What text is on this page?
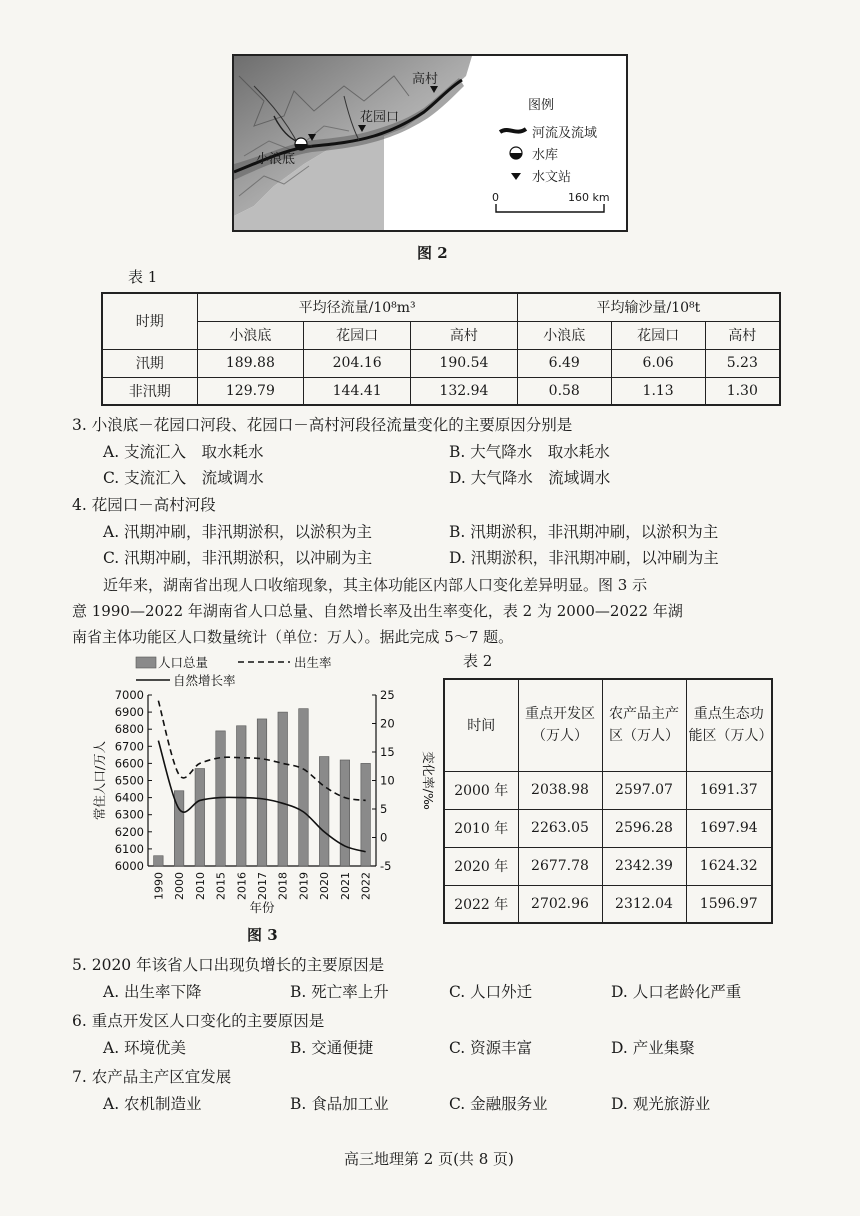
高村
花园口
小浪底
图例
河流及流域
水库
水文站
0	160 km
图 2
表 1
时期	平均径流量/10⁸m³			平均输沙量/10⁸t		
	小浪底	花园口	高村	小浪底	花园口	高村
汛期	189.88	204.16	190.54	6.49	6.06	5.23
非汛期	129.79	144.41	132.94	0.58	1.13	1.30
3. 小浪底－花园口河段、花园口－高村河段径流量变化的主要原因分别是
A. 支流汇入　取水耗水	B. 大气降水　取水耗水
C. 支流汇入　流域调水	D. 大气降水　流域调水
4. 花园口－高村河段
A. 汛期冲刷，非汛期淤积，以淤积为主	B. 汛期淤积，非汛期冲刷，以淤积为主
C. 汛期冲刷，非汛期淤积，以冲刷为主	D. 汛期淤积，非汛期冲刷，以冲刷为主
近年来，湖南省出现人口收缩现象，其主体功能区内部人口变化差异明显。图 3 示
意 1990—2022 年湖南省人口总量、自然增长率及出生率变化，表 2 为 2000—2022 年湖
南省主体功能区人口数量统计（单位：万人）。据此完成 5～7 题。
7000
6900
6800
6700
6600
6500
6400
6300
6200
6100
6000
25
20
15
10
5
0
-5
1990 2000 2010 2015 2016 2017 2018 2019 2020 2021 2022
年份
常住人口/万人	变化率/‰
人口总量	出生率
自然增长率
图 3
表 2
时间	重点开发区（万人）	农产品主产区（万人）	重点生态功能区（万人）
2000 年	2038.98	2597.07	1691.37
2010 年	2263.05	2596.28	1697.94
2020 年	2677.78	2342.39	1624.32
2022 年	2702.96	2312.04	1596.97
5. 2020 年该省人口出现负增长的主要原因是
A. 出生率下降	B. 死亡率上升	C. 人口外迁	D. 人口老龄化严重
6. 重点开发区人口变化的主要原因是
A. 环境优美	B. 交通便捷	C. 资源丰富	D. 产业集聚
7. 农产品主产区宜发展
A. 农机制造业	B. 食品加工业	C. 金融服务业	D. 观光旅游业
高三地理第 2 页(共 8 页)
